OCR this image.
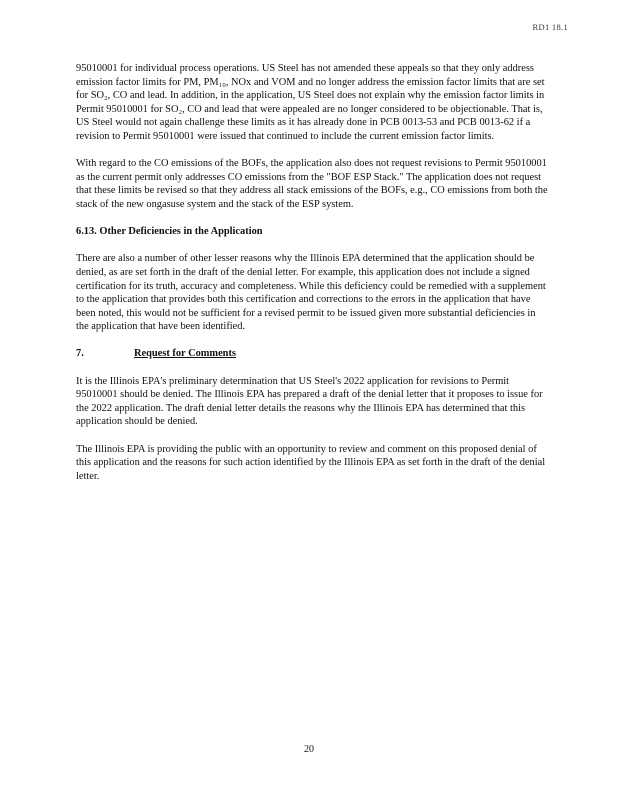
RD1 18.1

95010001 for individual process operations. US Steel has not amended these appeals so that they only address emission factor limits for PM, PM₁₀, NOx and VOM and no longer address the emission factor limits that are set for SO₂, CO and lead. In addition, in the application, US Steel does not explain why the emission factor limits in Permit 95010001 for SO₂, CO and lead that were appealed are no longer considered to be objectionable. That is, US Steel would not again challenge these limits as it has already done in PCB 0013-53 and PCB 0013-62 if a revision to Permit 95010001 were issued that continued to include the current emission factor limits.

With regard to the CO emissions of the BOFs, the application also does not request revisions to Permit 95010001 as the current permit only addresses CO emissions from the "BOF ESP Stack." The application does not request that these limits be revised so that they address all stack emissions of the BOFs, e.g., CO emissions from both the stack of the new ongasuse system and the stack of the ESP system.

6.13. Other Deficiencies in the Application

There are also a number of other lesser reasons why the Illinois EPA determined that the application should be denied, as are set forth in the draft of the denial letter. For example, this application does not include a signed certification for its truth, accuracy and completeness. While this deficiency could be remedied with a supplement to the application that provides both this certification and corrections to the errors in the application that have been noted, this would not be sufficient for a revised permit to be issued given more substantial deficiencies in the application that have been identified.

7.	Request for Comments

It is the Illinois EPA's preliminary determination that US Steel's 2022 application for revisions to Permit 95010001 should be denied. The Illinois EPA has prepared a draft of the denial letter that it proposes to issue for the 2022 application. The draft denial letter details the reasons why the Illinois EPA has determined that this application should be denied.

The Illinois EPA is providing the public with an opportunity to review and comment on this proposed denial of this application and the reasons for such action identified by the Illinois EPA as set forth in the draft of the denial letter.

20
